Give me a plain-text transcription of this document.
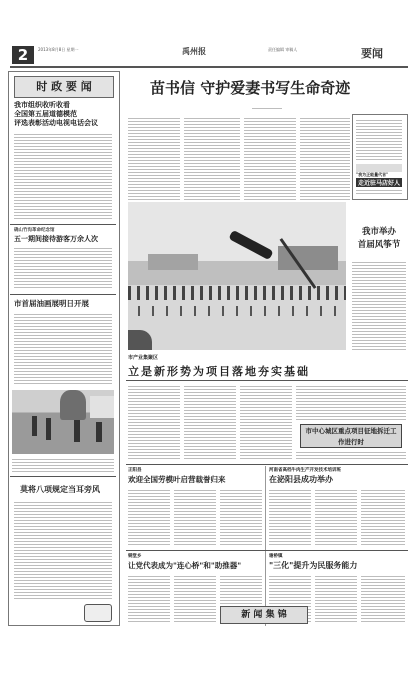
2	2013年8月8日 星期一	禹州报	责任编辑 审稿人	要闻
时 政 要 闻
我市组织收听收看
全国第五届道德模范
评选表彰活动电视电话会议
确山竹沟革命纪念馆
五一期间接待游客万余人次
市首届油画展明日开展
莫将八项规定当耳旁风
苗书信 守护爱妻书写生命奇迹
"我为正能量代言"
走近驻马店好人
我市举办
首届风筝节
市产业集聚区
立是新形势为项目落地夯实基础
市中心城区重点项目征地拆迁工作进行时
正阳县
欢迎全国劳模叶启营载誉归来
河南省高档牛肉生产开发技术培训班
在泌阳县成功举办
铜堂乡
让党代表成为"连心桥"和"助推器"
谢桥镇
"三化"提升为民服务能力
新 闻 集 锦
